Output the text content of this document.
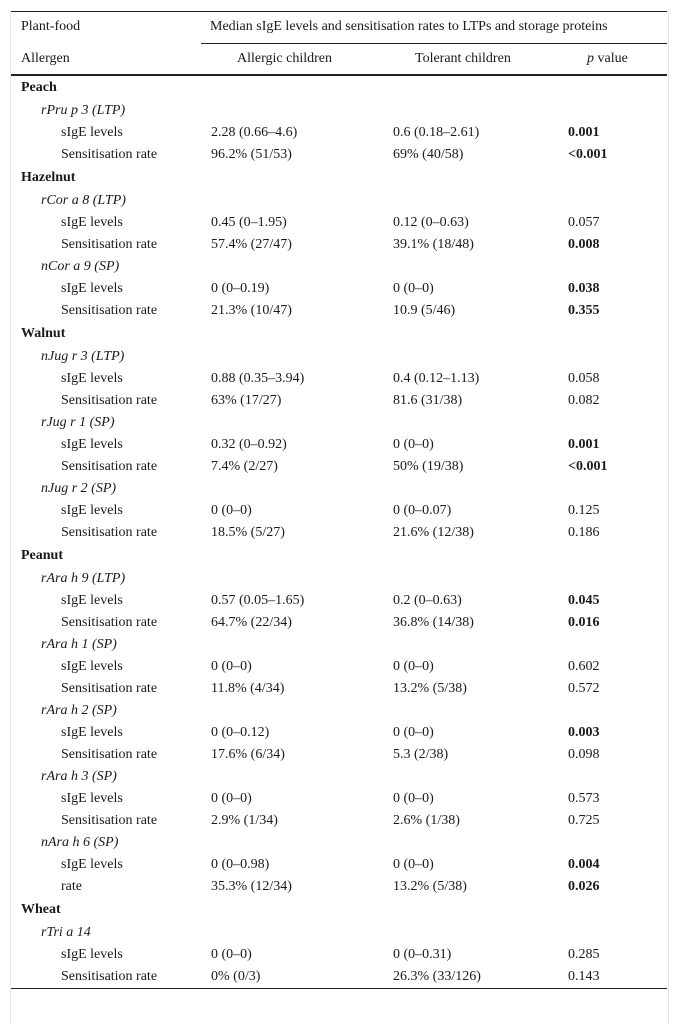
Plant-food	Median sIgE levels and sensitisation rates to LTPs and storage proteins
Allergen	Allergic children	Tolerant children	p value
Peach
rPru p 3 (LTP)
sIgE levels	2.28 (0.66–4.6)	0.6 (0.18–2.61)	0.001
Sensitisation rate	96.2% (51/53)	69% (40/58)	<0.001
Hazelnut
rCor a 8 (LTP)
sIgE levels	0.45 (0–1.95)	0.12 (0–0.63)	0.057
Sensitisation rate	57.4% (27/47)	39.1% (18/48)	0.008
nCor a 9 (SP)
sIgE levels	0 (0–0.19)	0 (0–0)	0.038
Sensitisation rate	21.3% (10/47)	10.9 (5/46)	0.355
Walnut
nJug r 3 (LTP)
sIgE levels	0.88 (0.35–3.94)	0.4 (0.12–1.13)	0.058
Sensitisation rate	63% (17/27)	81.6 (31/38)	0.082
rJug r 1 (SP)
sIgE levels	0.32 (0–0.92)	0 (0–0)	0.001
Sensitisation rate	7.4% (2/27)	50% (19/38)	<0.001
nJug r 2 (SP)
sIgE levels	0 (0–0)	0 (0–0.07)	0.125
Sensitisation rate	18.5% (5/27)	21.6% (12/38)	0.186
Peanut
rAra h 9 (LTP)
sIgE levels	0.57 (0.05–1.65)	0.2 (0–0.63)	0.045
Sensitisation rate	64.7% (22/34)	36.8% (14/38)	0.016
rAra h 1 (SP)
sIgE levels	0 (0–0)	0 (0–0)	0.602
Sensitisation rate	11.8% (4/34)	13.2% (5/38)	0.572
rAra h 2 (SP)
sIgE levels	0 (0–0.12)	0 (0–0)	0.003
Sensitisation rate	17.6% (6/34)	5.3 (2/38)	0.098
rAra h 3 (SP)
sIgE levels	0 (0–0)	0 (0–0)	0.573
Sensitisation rate	2.9% (1/34)	2.6% (1/38)	0.725
nAra h 6 (SP)
sIgE levels	0 (0–0.98)	0 (0–0)	0.004
rate	35.3% (12/34)	13.2% (5/38)	0.026
Wheat
rTri a 14
sIgE levels	0 (0–0)	0 (0–0.31)	0.285
Sensitisation rate	0% (0/3)	26.3% (33/126)	0.143
